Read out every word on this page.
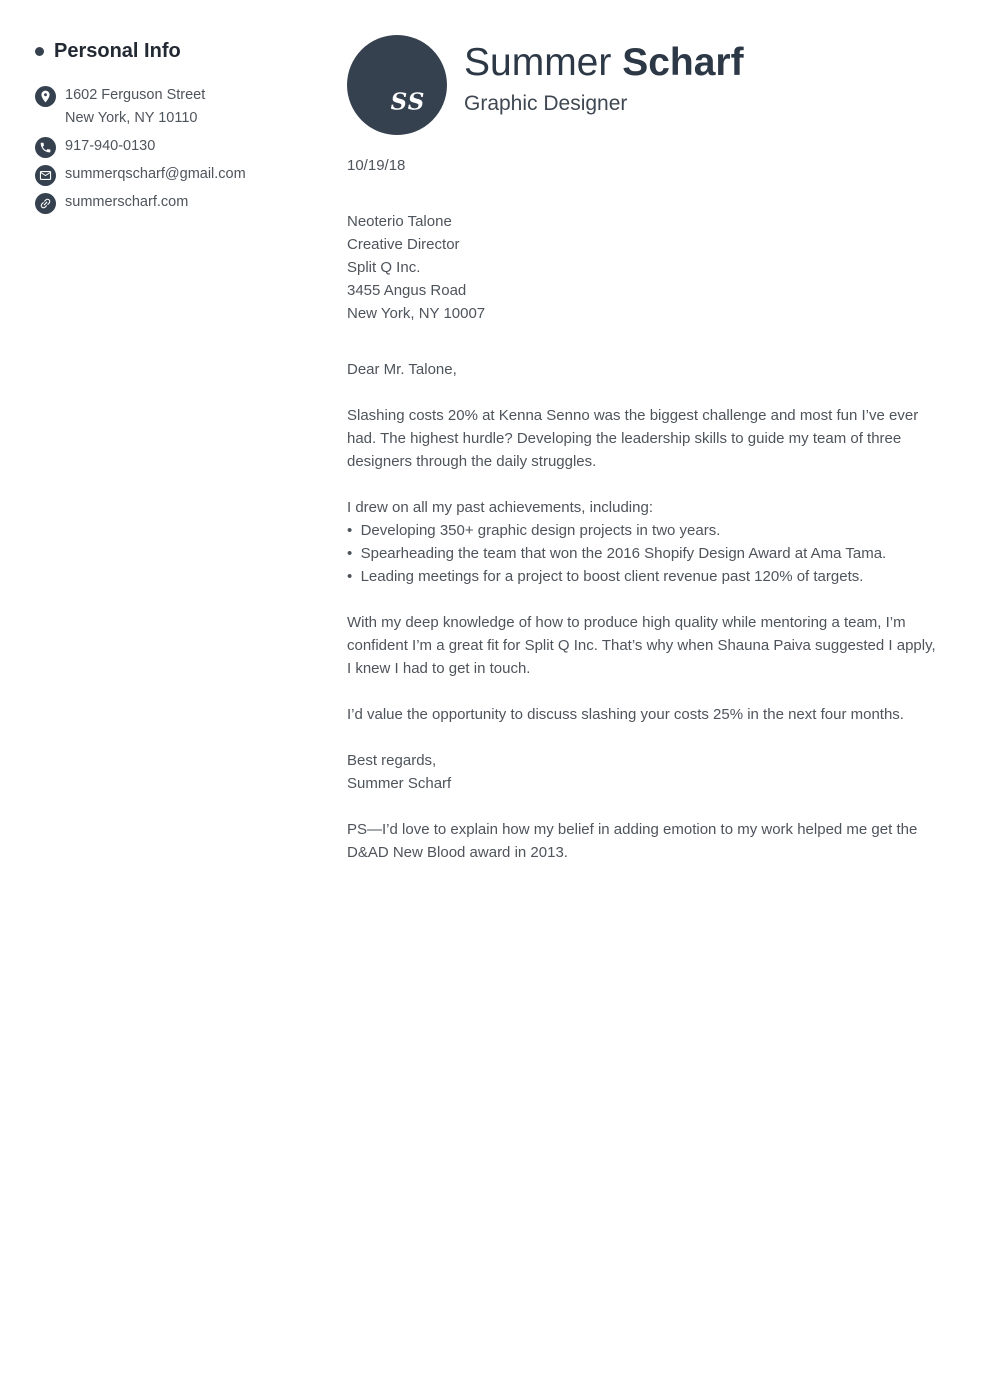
Personal Info
1602 Ferguson Street
New York, NY 10110
917-940-0130
summerqscharf@gmail.com
summerscharf.com
SS
Summer Scharf
Graphic Designer
10/19/18
Neoterio Talone
Creative Director
Split Q Inc.
3455 Angus Road
New York, NY 10007
Dear Mr. Talone,

Slashing costs 20% at Kenna Senno was the biggest challenge and most fun I’ve ever had. The highest hurdle? Developing the leadership skills to guide my team of three designers through the daily struggles.

I drew on all my past achievements, including:
•  Developing 350+ graphic design projects in two years.
•  Spearheading the team that won the 2016 Shopify Design Award at Ama Tama.
•  Leading meetings for a project to boost client revenue past 120% of targets.

With my deep knowledge of how to produce high quality while mentoring a team, I’m confident I’m a great fit for Split Q Inc. That’s why when Shauna Paiva suggested I apply, I knew I had to get in touch.

I’d value the opportunity to discuss slashing your costs 25% in the next four months.

Best regards,
Summer Scharf

PS—I’d love to explain how my belief in adding emotion to my work helped me get the D&AD New Blood award in 2013.
